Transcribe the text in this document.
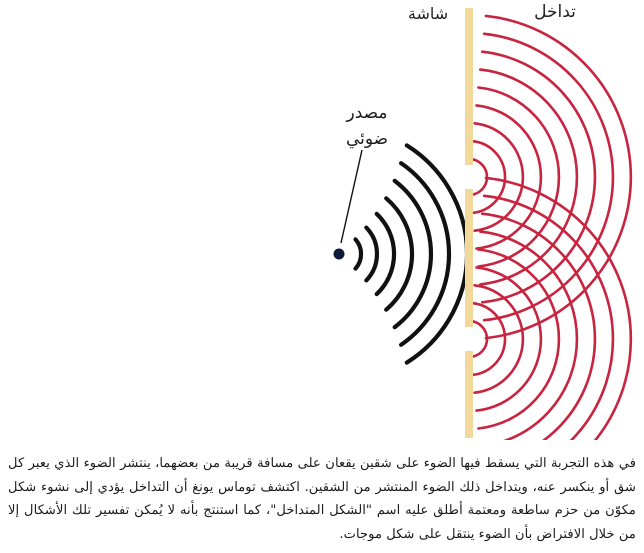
تداخل
شاشة
مصدر
ضوئي
في هذه التجربة التي يسقط فيها الضوء على شقين يقعان على مسافة قريبة من بعضهما، ينتشر الضوء الذي يعبر كل شق أو ينكسر عنه، ويتداخل ذلك الضوء المنتشر من الشقين. اكتشف توماس يونغ أن التداخل يؤدي إلى نشوء شكل مكوّن من حزم ساطعة ومعتمة أطلق عليه اسم "الشكل المتداخل"، كما استنتج بأنه لا يُمكن تفسير تلك الأشكال إلا من خلال الافتراض بأن الضوء ينتقل على شكل موجات.
